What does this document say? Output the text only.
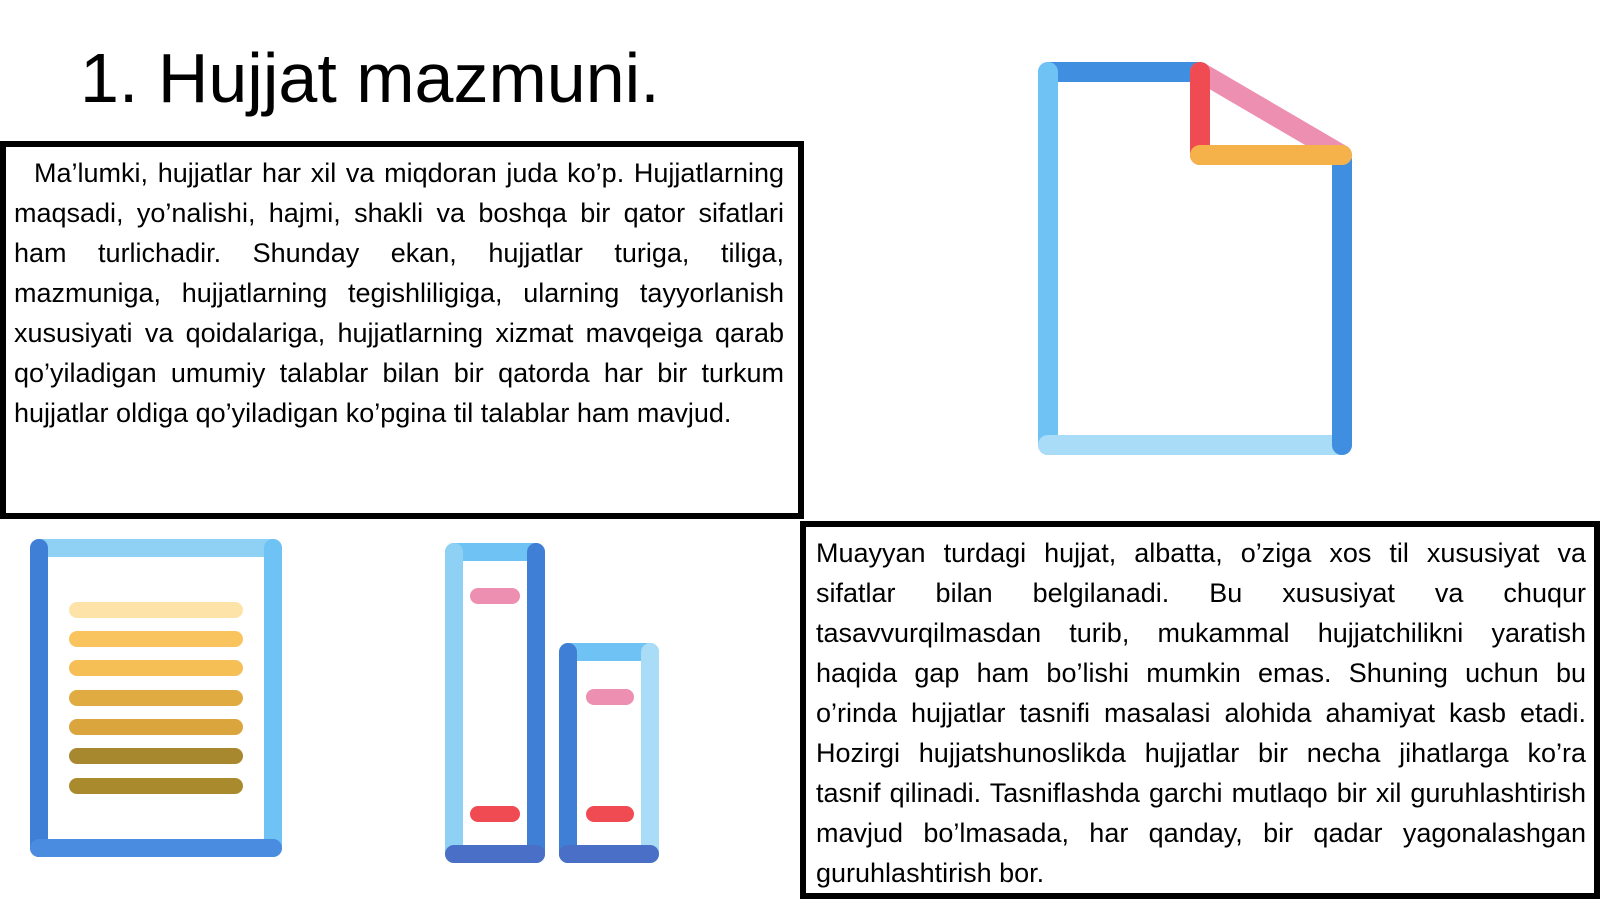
1. Hujjat mazmuni.

Ma’lumki, hujjatlar har xil va miqdoran juda ko’p. Hujjatlarning maqsadi, yo’nalishi, hajmi, shakli va boshqa bir qator sifatlari ham turlichadir. Shunday ekan, hujjatlar turiga, tiliga, mazmuniga, hujjatlarning tegishliligiga, ularning tayyorlanish xususiyati va qoidalariga, hujjatlarning xizmat mavqeiga qarab qo’yiladigan umumiy talablar bilan bir qatorda har bir turkum hujjatlar oldiga qo’yiladigan ko’pgina til talablar ham mavjud.

Muayyan turdagi hujjat, albatta, o’ziga xos til xususiyat va sifatlar bilan belgilanadi. Bu xususiyat va chuqur tasavvurqilmasdan turib, mukammal hujjatchilikni yaratish haqida gap ham bo’lishi mumkin emas. Shuning uchun bu o’rinda hujjatlar tasnifi masalasi alohida ahamiyat kasb etadi. Hozirgi hujjatshunoslikda hujjatlar bir necha jihatlarga ko’ra tasnif qilinadi. Tasniflashda garchi mutlaqo bir xil guruhlashtirish mavjud bo’lmasada, har qanday, bir qadar yagonalashgan guruhlashtirish bor.
